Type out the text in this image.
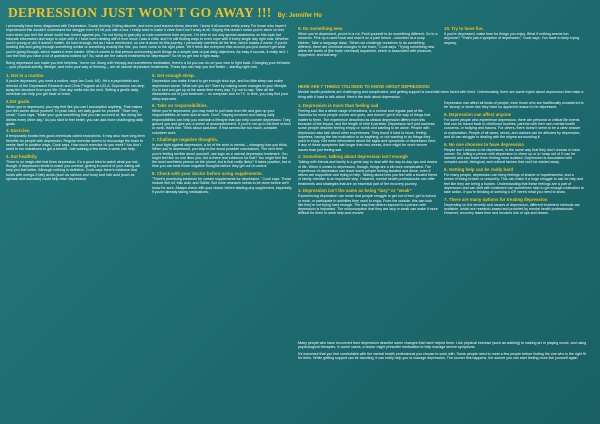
DEPRESSION JUST WON'T GO AWAY !!! By: Jennifer Ho

I personally have been diagnosed with Depression, Social Anxiety, Eating disorder, and even post-trauma stress disorder. I know it all sounds really crazy. For those who haven't experienced this wouldn't understand the struggle even if it hit you with a bus. I really want to make it clear that it isn't crazy at all. Saying this doesn't mean you're alone on this even when you feel the whole world has turned against you. I'm not trying to gain pity or rude comments from anyone. I'm here to not only spread awareness on this topic but educate information and ways to cope with it. I have been dealing with it ever since I was a child, and I'm still finding ways to even cope with it every single day right now. Whether you're young or old, it doesn't matter. It's hard enough, but as I have mentioned, no one is alone on this journey. I personally overthink all the time, which makes it worse. If you're reading this and going through something similar or something exactly like this, you have come to the right place. Yet it feels like everyone else around you just doesn't get what you're going through, which makes it even harder. When it comes to that person overcoming such things as a simple task or just daily objectives. As easy it sounds, it really isn't. I can feel that you have a lot of questions bottled up? So, what are the natural treatments for depression? So let us get into it right away.

Being depressed can make you feel helpless. You're not. Along with therapy and sometimes medication, there's a lot you can do on your own to fight back. Changing your behavior -- your physical activity, lifestyle, and even your way of thinking -- are all natural depression treatments. These tips can help you feel better -- starting right now.

1. Get in a routine.

If you're depressed, you need a routine, says Ian Cook, MD. He's a psychiatrist and director of the Depression Research and Clinic Program at UCLA. Depression can strip away the structure from your life. One day melts into the next. Setting a gentle daily schedule can help you get back on track.

2.Set goals.

When you're depressed, you may feel like you can't accomplish anything. That makes you feel worse about yourself. To push back, set daily goals for yourself. "Start very small," Cook says. "Make your goal something that you can succeed at, like doing the dishes every other day." As you start to feel better, you can add more challenging daily goals.

3. Exercise.

It temporarily boosts feel-good chemicals called endorphins. It may also have long-term benefits for people with depression. Regular exercise seems to encourage the brain to rewire itself in positive ways, Cook says. How much exercise do you need? You don't need to run marathons to get a benefit. Just walking a few times a week can help.

4. Eat healthily.

There is no magic diet that fixes depression. It's a good idea to watch what you eat, though. If depression tends to make you overeat, getting in control of your eating will help you feel better. Although nothing is definitive, Cook says there's evidence that foods with omega-3 fatty acids (such as salmon and tuna) and folic acid (such as spinach and avocado) could help ease depression.

5. Get enough sleep.

Depression can make it hard to get enough shut-eye, and too little sleep can make depression worse. What can you do? Start by making some changes to your lifestyle. Go to bed and get up at the same time every day. Try not to nap. Take all the distractions out of your bedroom -- no computer and no TV. In time, you may find your sleep improves.

6. Take on responsibilities.

When you're depressed, you may want to pull back from life and give up your responsibilities at home and at work. Don't. Staying involved and having daily responsibilities can help you maintain a lifestyle that can help counter depression. They ground you and give you a sense of accomplishment. If you're not up to full-time school or work, that's fine. Think about part-time. If that seems like too much, consider volunteer work.

7. Challenge negative thoughts.

In your fight against depression, a lot of the work is mental -- changing how you think. When you're depressed, you leap to the worst possible conclusions. The next time you're feeling terrible about yourself, use logic as a natural depression treatment. You might feel like no one likes you, but is there real evidence for that? You might feel like the most worthless person on the planet, but is that really likely? It takes practice, but in time you can beat those negative thoughts before they get out of control.

8. Check with your doctor before using supplements.

"There's promising evidence for certain supplements for depression," Cook says. Those include fish oil, folic acid, and SAMe. But more research needs to be done before we'll know for sure. Always check with your doctor before starting any supplement, especially if you're already taking medications.

9. Do something new.

When you're depressed, you're in a rut. Push yourself to do something different. Go to a museum. Pick up a used book and read it on a park bench --volunteer at a soup kitchen. Take a language class. "When we challenge ourselves to do something different, there are chemical changes in the brain," Cook says. "Trying something new alters the levels of [the brain chemical] dopamine, which is associated with pleasure, enjoyment, and learning."

10. Try to have fun.

If you're depressed, make time for things you enjoy. What if nothing seems fun anymore? "That's just a symptom of depression," Cook says. You have to keep trying anyway.

HERE ARE 7 THINGS YOU NEED TO KNOW ABOUT DEPRESSION:

Mental health problems are challenging and complicated, and getting support is essential when faced with them. Unfortunately, there are some myths about depression that make a thing with it hard to talk about. Here's the truth about depression.

1. Depression is more than feeling sad

Feeling sad, like a whole range of emotions, is a normal and regular part of life. Sadness for most people comes and goes, and doesn't get in the way of things that matter to them. The experience described as clinical depression differs from this because of the impact, and the length of time it persists. Depression isn't just sadness; some people describe feeling empty or numb and wanting to be alone. People with depression also talk about other experiences. They found it hard to focus, feeling hopeless, having the low motivation to do anything, or not wanting to do things they used to enjoy. Get more information about the signs and symptoms of depression here. If any of these symptoms last longer than two weeks, there might be more severe issues than just feeling sad.

2. Sometimes, talking about depression isn't enough

Talking with friends and family is a great way to deal with the day-to-day ups and downs of life. When it comes to depression, though, things are a bit more complicated. The experience of depression can leave some people feeling isolated and alone, even if others are supportive and trying to help. Talking about how you feel with a trusted friend or family member is an important step. However, mental health professionals can offer treatments and strategies that are an essential part of the recovery journey.

3. Depression isn't the same as being "lazy" or "weak"

Experiencing depression can mean that people struggle to get out of bed, get to school or work, or participate in activities they used to enjoy. From the outside, this can look like they're not trying hard enough. The way that others respond to a person with depression is important. The misconception that they are lazy or weak can make it more difficult for them to seek help and recover.

Depression can affect all kinds of people, even those who are traditionally considered to be 'strong' or seem like they have no apparent reason to be depressed.

5. Depression can affect anyone

For some people who experience depression, there are personal or critical life events that can be traced back to childhood troubles, parents with their own mental health concerns, or bullying and trauma. For others, there doesn't seem to be a clear answer or explanation. People of all races, sexes, and classes can be affected by depression, and all can struggle to dealing with the stigma surrounding it.

6. No one chooses to have depression

People don't choose to be depressed, in the same way that they don't choose to have cancer. So, telling a person with depression to cheer up or to 'snap out of it' can be harmful and can leave them feeling more isolated. Depression is associated with complex social, biological, and cultural factors that can't be wished away.

6. Getting help can be really hard

For many people, depression can bring feelings of shame or hopelessness, and a sense of being broken or unworthy. This can make it a huge struggle to ask for help and feel like they are being a burden. Understanding that these feelings are a part of depression and can shift with treatment can sometimes help to get enough motivation to take action. If you're thinking of seeking a GP, here's what you need to know.

7. There are many options for treating depression

Depending on the severity and causes of depression, different treatment methods are available, which are research-based and provided by mental health professionals. However, recovery takes time and involves lots of ups and downs.

Many people who have recovered from depression describe some changes that have helped them. Like physical exercise (such as walking) to making art or playing music, and using psychological therapies. In some cases, a doctor might prescribe medication to help manage severe symptoms.

It's important that you feel comfortable with the mental health professional you choose to work with. Some people need to meet a few people before finding the one who is the right fit for them. While getting support can be daunting, it can really help you to manage depression. The sooner this happens, the sooner you can start feeling more like yourself again.
